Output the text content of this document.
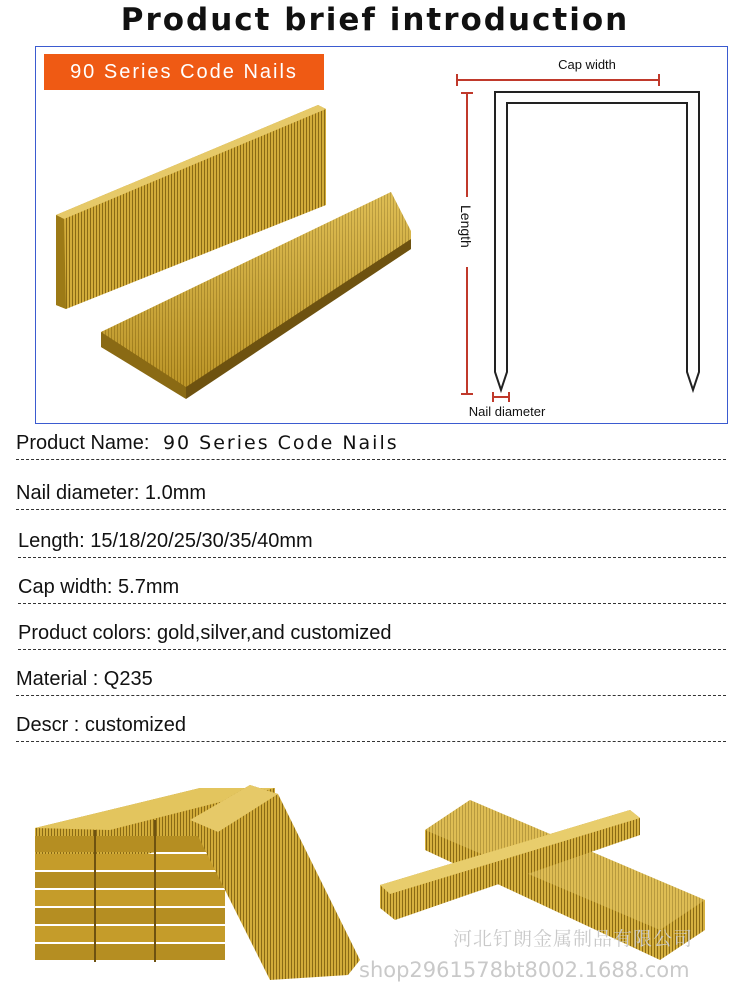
Product brief introduction
90 Series Code Nails	Cap width
Length
Nail diameter
Product Name: 90 Series Code Nails
Nail diameter: 1.0mm
Length: 15/18/20/25/30/35/40mm
Cap width: 5.7mm
Product colors: gold,silver,and customized
Material : Q235
Descr : customized
河北钉朗金属制品有限公司
shop2961578bt8002.1688.com
